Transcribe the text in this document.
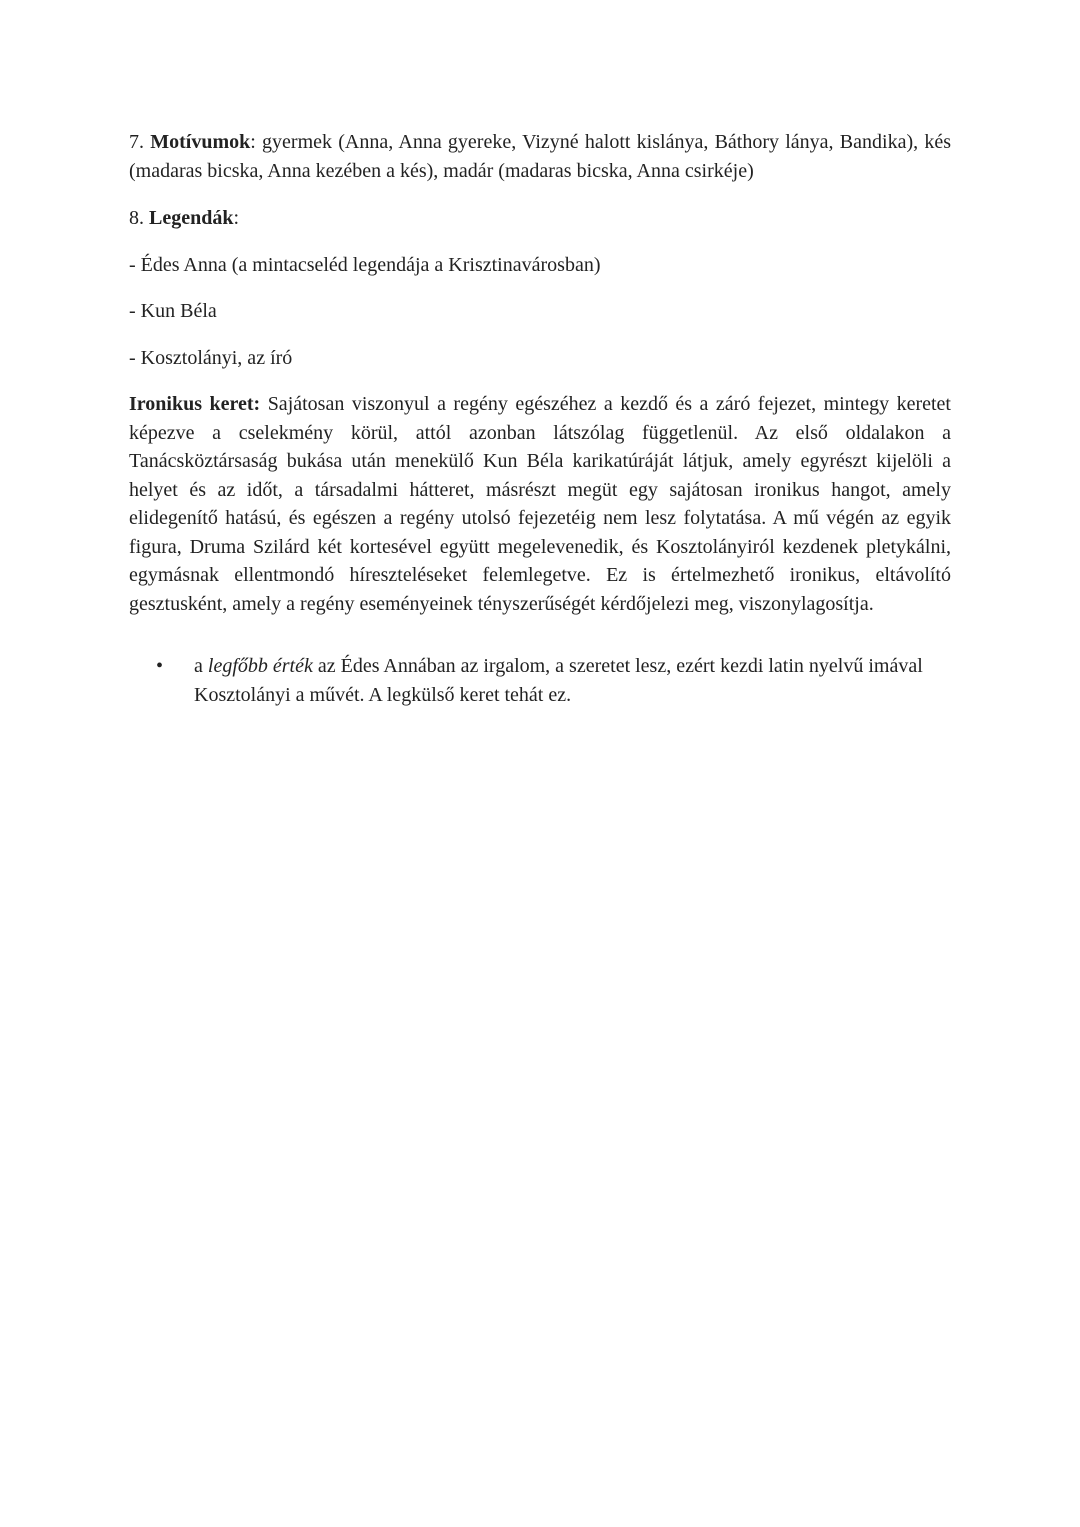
7. Motívumok: gyermek (Anna, Anna gyereke, Vizyné halott kislánya, Báthory lánya, Bandika), kés (madaras bicska, Anna kezében a kés), madár (madaras bicska, Anna csirkéje)

8. Legendák:

- Édes Anna (a mintacseléd legendája a Krisztinavárosban)

- Kun Béla

- Kosztolányi, az író

Ironikus keret: Sajátosan viszonyul a regény egészéhez a kezdő és a záró fejezet, mintegy keretet képezve a cselekmény körül, attól azonban látszólag függetlenül. Az első oldalakon a Tanácsköztársaság bukása után menekülő Kun Béla karikatúráját látjuk, amely egyrészt kijelöli a helyet és az időt, a társadalmi hátteret, másrészt megüt egy sajátosan ironikus hangot, amely elidegenítő hatású, és egészen a regény utolsó fejezetéig nem lesz folytatása. A mű végén az egyik figura, Druma Szilárd két kortesével együtt megelevenedik, és Kosztolányiról kezdenek pletykálni, egymásnak ellentmondó híreszteléseket felemlegetve. Ez is értelmezhető ironikus, eltávolító gesztusként, amely a regény eseményeinek tényszerűségét kérdőjelezi meg, viszonylagosítja.

• a legfőbb érték az Édes Annában az irgalom, a szeretet lesz, ezért kezdi latin nyelvű imával Kosztolányi a művét. A legkülső keret tehát ez.
